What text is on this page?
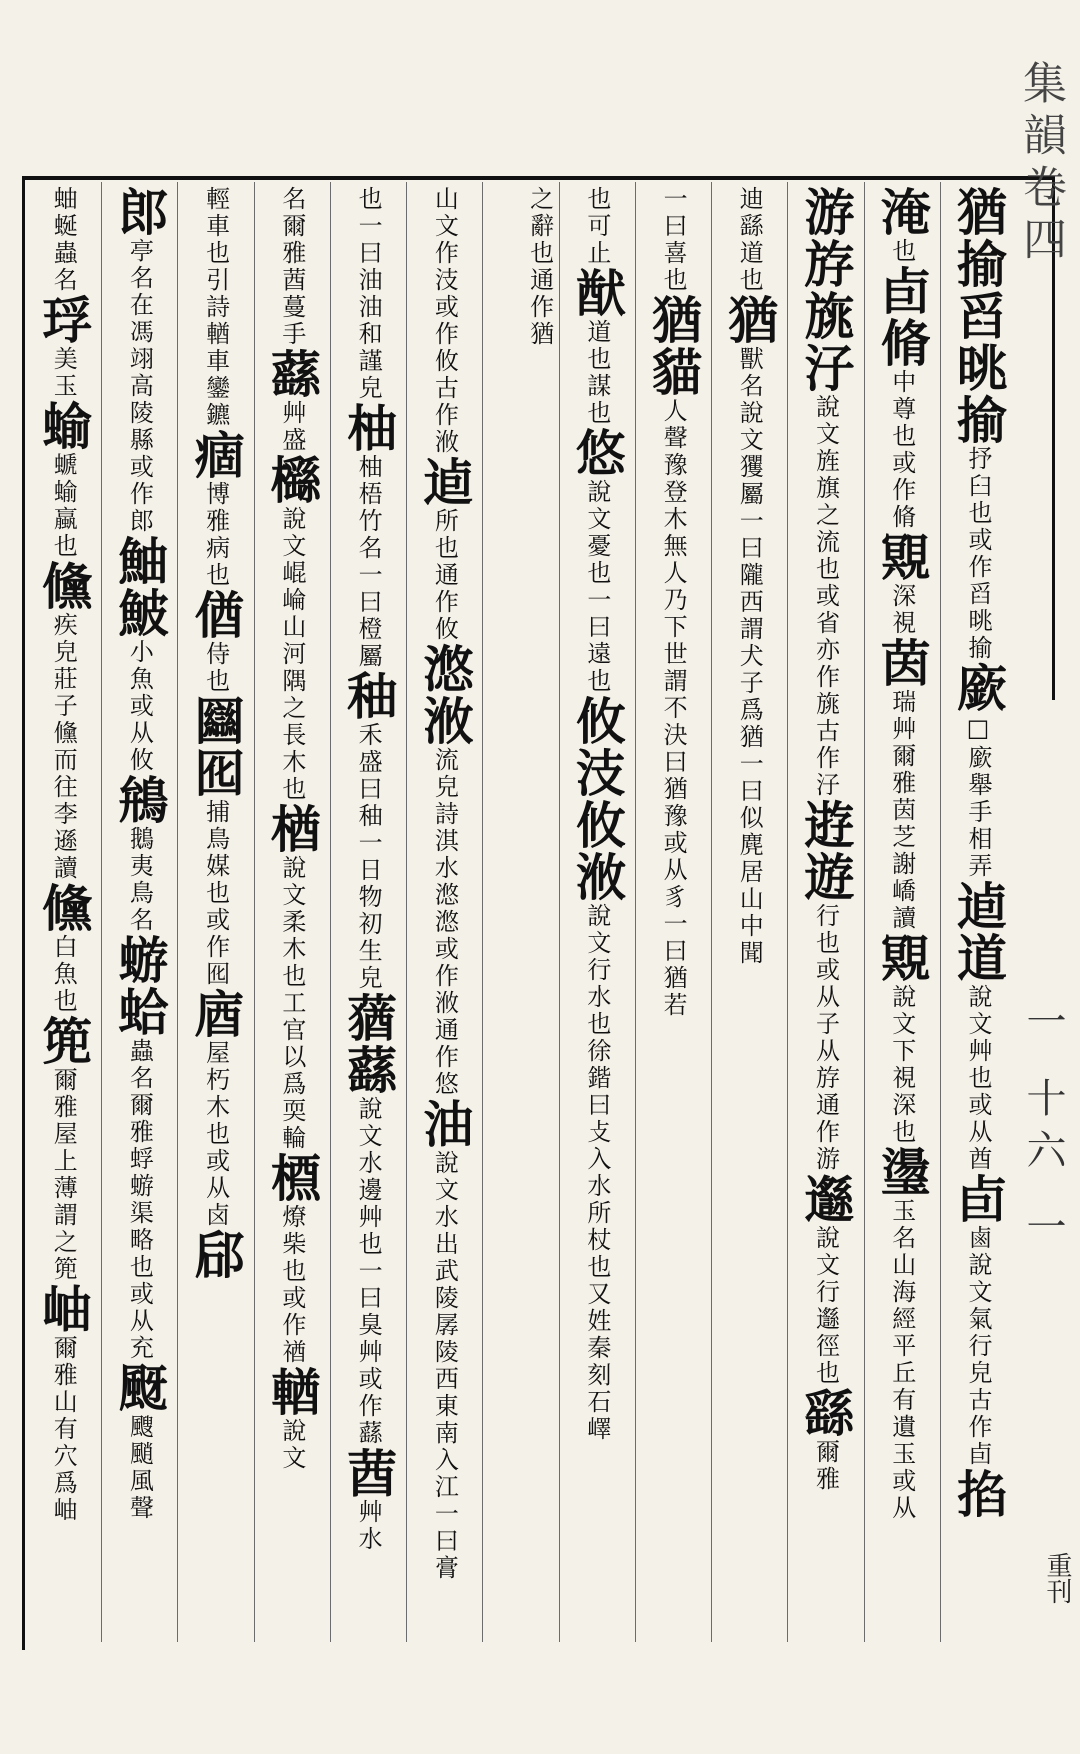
集韻卷四
一 十六 一
重刊
猶揄舀晀揄抒臼也或作舀晀揄廞□廞舉手相弄逌道說文艸也或从酋卣鹵說文氣行皃古作卣掐
淹也卣脩中尊也或作脩覭深視茵瑞艸爾雅茵芝謝嶠讀覭說文下視深也璗玉名山海經平丘有遺玉或从
游斿旐汓說文旌旗之流也或省亦作旐古作汓逰遊行也或从子从斿通作游邎說文行邎徑也繇爾雅
迪繇道也猶獸名說文玃屬一曰隴西謂犬子爲猶一曰似麂居山中聞
一曰喜也猶貓人聲豫登木無人乃下世謂不決曰猶豫或从豸一曰猶若
也可止猷道也謀也悠說文憂也一曰遠也攸汥攸浟說文行水也徐鍇曰攴入水所杖也又姓秦刻石嶧
之辭也通作猶
山文作汥或作攸古作浟逌所也通作攸滺浟流皃詩淇水滺滺或作浟通作悠油說文水出武陵孱陵西東南入江一曰膏
也一曰油油和謹皃柚柚梧竹名一曰橙屬秞禾盛曰秞一日物初生皃蕕蘨說文水邊艸也一曰臭艸或作蘨莤艸水
名爾雅莤蔓手蘨艸盛櫾說文崐崘山河隅之長木也楢說文柔木也工官以爲耎輪槱燎柴也或作禉輶說文
輕車也引詩輶車鑾鑣痼博雅病也偤侍也圝囮捕鳥媒也或作囮庮屋朽木也或从卤郈
郎亭名在馮翊高陵縣或作郎鮋鮍小魚或从攸鴘鵝夷鳥名蝣蛤蟲名爾雅蜉蝣渠略也或从充颬颼颵風聲
蚰蜒蟲名琈美玉蝓螔蝓蠃也儵疾皃莊子儵而往李遜讀儵白魚也篼爾雅屋上薄謂之篼岫爾雅山有穴爲岫
